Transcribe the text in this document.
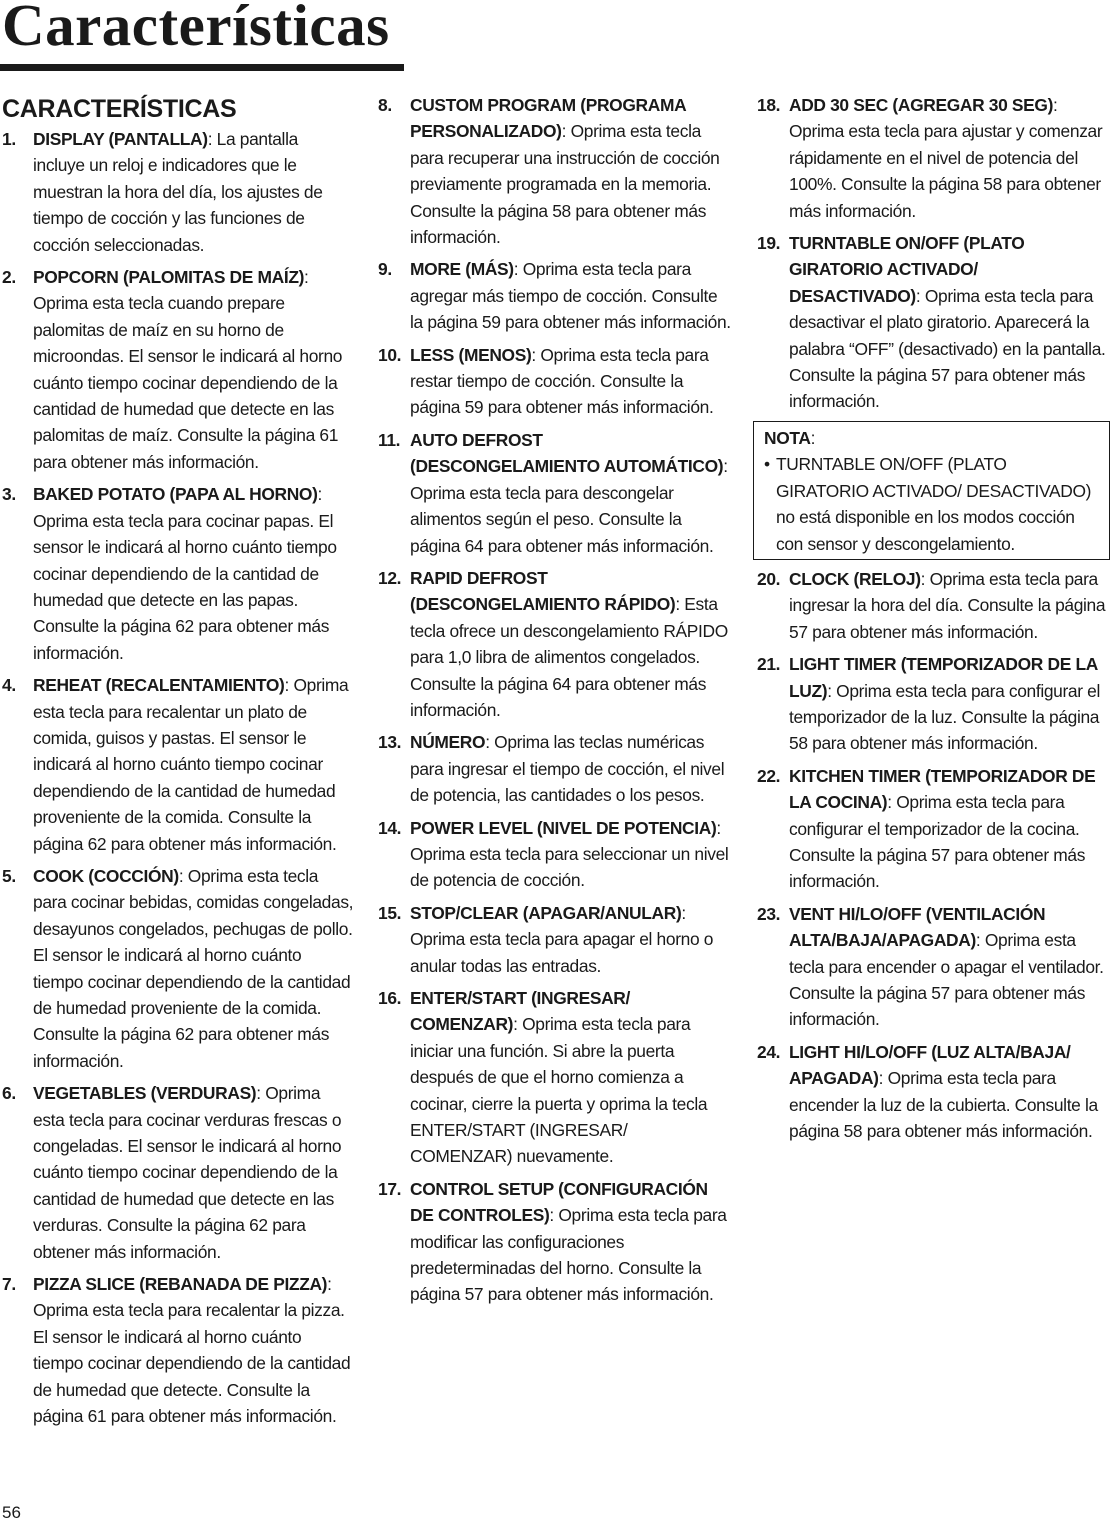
Características
CARACTERÍSTICAS
1. DISPLAY (PANTALLA): La pantalla incluye un reloj e indicadores que le muestran la hora del día, los ajustes de tiempo de cocción y las funciones de cocción seleccionadas.
2. POPCORN (PALOMITAS DE MAÍZ): Oprima esta tecla cuando prepare palomitas de maíz en su horno de microondas. El sensor le indicará al horno cuánto tiempo cocinar dependiendo de la cantidad de humedad que detecte en las palomitas de maíz. Consulte la página 61 para obtener más información.
3. BAKED POTATO (PAPA AL HORNO): Oprima esta tecla para cocinar papas. El sensor le indicará al horno cuánto tiempo cocinar dependiendo de la cantidad de humedad que detecte en las papas. Consulte la página 62 para obtener más información.
4. REHEAT (RECALENTAMIENTO): Oprima esta tecla para recalentar un plato de comida, guisos y pastas. El sensor le indicará al horno cuánto tiempo cocinar dependiendo de la cantidad de humedad proveniente de la comida. Consulte la página 62 para obtener más información.
5. COOK (COCCIÓN): Oprima esta tecla para cocinar bebidas, comidas congeladas, desayunos congelados, pechugas de pollo. El sensor le indicará al horno cuánto tiempo cocinar dependiendo de la cantidad de humedad proveniente de la comida. Consulte la página 62 para obtener más información.
6. VEGETABLES (VERDURAS): Oprima esta tecla para cocinar verduras frescas o congeladas. El sensor le indicará al horno cuánto tiempo cocinar dependiendo de la cantidad de humedad que detecte en las verduras. Consulte la página 62 para obtener más información.
7. PIZZA SLICE (REBANADA DE PIZZA): Oprima esta tecla para recalentar la pizza. El sensor le indicará al horno cuánto tiempo cocinar dependiendo de la cantidad de humedad que detecte. Consulte la página 61 para obtener más información.
8. CUSTOM PROGRAM (PROGRAMA PERSONALIZADO): Oprima esta tecla para recuperar una instrucción de cocción previamente programada en la memoria. Consulte la página 58 para obtener más información.
9. MORE (MÁS): Oprima esta tecla para agregar más tiempo de cocción. Consulte la página 59 para obtener más información.
10. LESS (MENOS): Oprima esta tecla para restar tiempo de cocción. Consulte la página 59 para obtener más información.
11. AUTO DEFROST (DESCONGELAMIENTO AUTOMÁTICO): Oprima esta tecla para descongelar alimentos según el peso. Consulte la página 64 para obtener más información.
12. RAPID DEFROST (DESCONGELAMIENTO RÁPIDO): Esta tecla ofrece un descongelamiento RÁPIDO para 1,0 libra de alimentos congelados. Consulte la página 64 para obtener más información.
13. NÚMERO: Oprima las teclas numéricas para ingresar el tiempo de cocción, el nivel de potencia, las cantidades o los pesos.
14. POWER LEVEL (NIVEL DE POTENCIA): Oprima esta tecla para seleccionar un nivel de potencia de cocción.
15. STOP/CLEAR (APAGAR/ANULAR): Oprima esta tecla para apagar el horno o anular todas las entradas.
16. ENTER/START (INGRESAR/ COMENZAR): Oprima esta tecla para iniciar una función. Si abre la puerta después de que el horno comienza a cocinar, cierre la puerta y oprima la tecla ENTER/START (INGRESAR/ COMENZAR) nuevamente.
17. CONTROL SETUP (CONFIGURACIÓN DE CONTROLES): Oprima esta tecla para modificar las configuraciones predeterminadas del horno. Consulte la página 57 para obtener más información.
18. ADD 30 SEC (AGREGAR 30 SEG): Oprima esta tecla para ajustar y comenzar rápidamente en el nivel de potencia del 100%. Consulte la página 58 para obtener más información.
19. TURNTABLE ON/OFF (PLATO GIRATORIO ACTIVADO/ DESACTIVADO): Oprima esta tecla para desactivar el plato giratorio. Aparecerá la palabra “OFF” (desactivado) en la pantalla. Consulte la página 57 para obtener más información.
NOTA:
• TURNTABLE ON/OFF (PLATO GIRATORIO ACTIVADO/ DESACTIVADO) no está disponible en los modos cocción con sensor y descongelamiento.
20. CLOCK (RELOJ): Oprima esta tecla para ingresar la hora del día. Consulte la página 57 para obtener más información.
21. LIGHT TIMER (TEMPORIZADOR DE LA LUZ): Oprima esta tecla para configurar el temporizador de la luz. Consulte la página 58 para obtener más información.
22. KITCHEN TIMER (TEMPORIZADOR DE LA COCINA): Oprima esta tecla para configurar el temporizador de la cocina. Consulte la página 57 para obtener más información.
23. VENT HI/LO/OFF (VENTILACIÓN ALTA/BAJA/APAGADA): Oprima esta tecla para encender o apagar el ventilador. Consulte la página 57 para obtener más información.
24. LIGHT HI/LO/OFF (LUZ ALTA/BAJA/ APAGADA): Oprima esta tecla para encender la luz de la cubierta. Consulte la página 58 para obtener más información.
56
